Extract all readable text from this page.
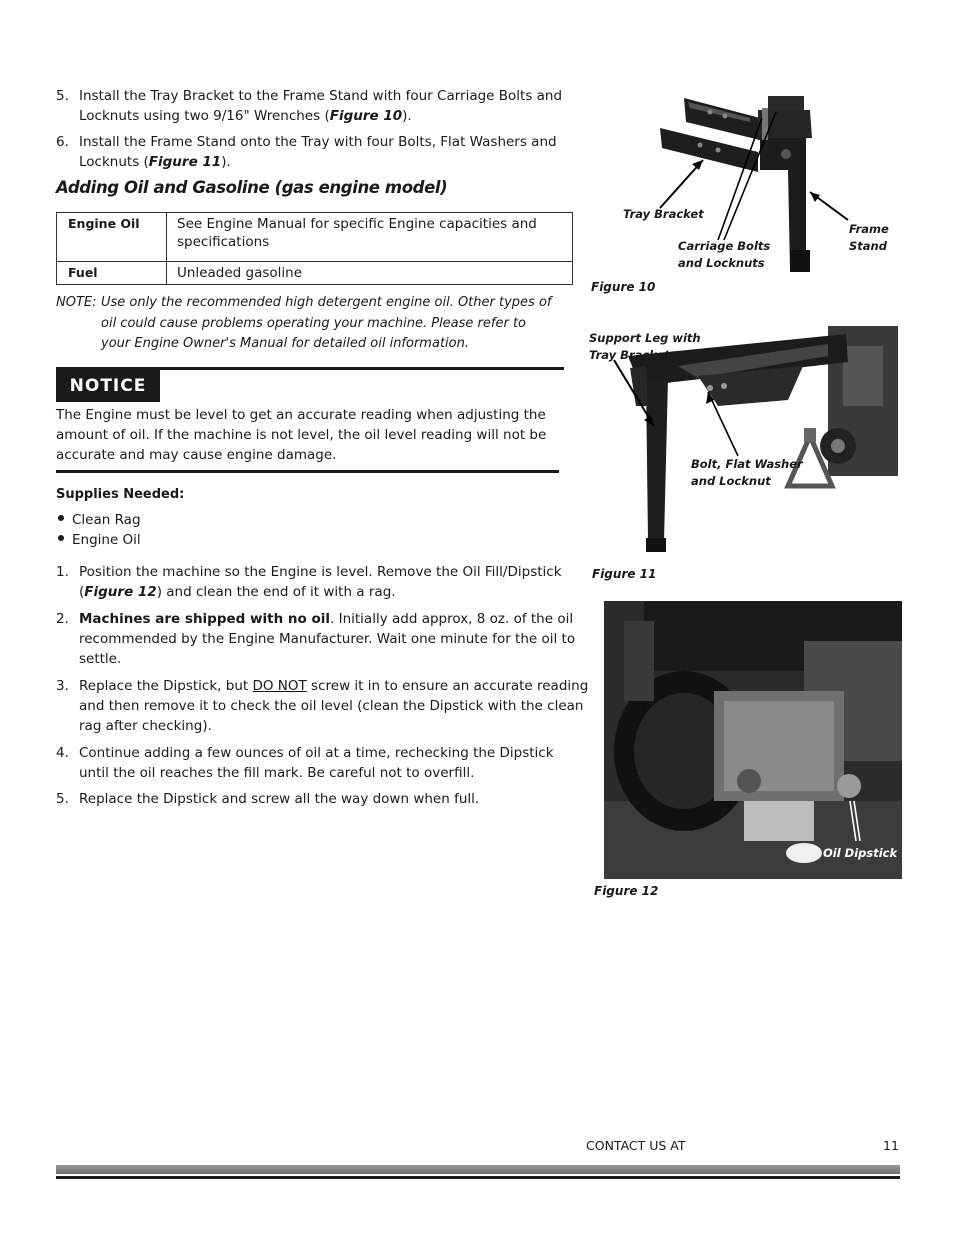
5. Install the Tray Bracket to the Frame Stand with four Carriage Bolts and Locknuts using two 9/16" Wrenches (Figure 10).
6. Install the Frame Stand onto the Tray with four Bolts, Flat Washers and Locknuts (Figure 11).
Adding Oil and Gasoline (gas engine model)
Engine Oil	See Engine Manual for specific Engine capacities and specifications
Fuel	Unleaded gasoline
NOTE: Use only the recommended high detergent engine oil. Other types of oil could cause problems operating your machine. Please refer to your Engine Owner's Manual for detailed oil information.
NOTICE
The Engine must be level to get an accurate reading when adjusting the amount of oil. If the machine is not level, the oil level reading will not be accurate and may cause engine damage.
Supplies Needed:
Clean Rag
Engine Oil
1. Position the machine so the Engine is level. Remove the Oil Fill/Dipstick (Figure 12) and clean the end of it with a rag.
2. Machines are shipped with no oil. Initially add approx, 8 oz. of the oil recommended by the Engine Manufacturer. Wait one minute for the oil to settle.
3. Replace the Dipstick, but DO NOT screw it in to ensure an accurate reading and then remove it to check the oil level (clean the Dipstick with the clean rag after checking).
4. Continue adding a few ounces of oil at a time, rechecking the Dipstick until the oil reaches the fill mark. Be careful not to overfill.
5. Replace the Dipstick and screw all the way down when full.
Tray Bracket
Carriage Bolts
and Locknuts
Frame
Stand
Figure 10
Support Leg with
Tray Bracket
Bolt, Flat Washer
and Locknut
Figure 11
Oil Dipstick
Figure 12
CONTACT US AT	11
